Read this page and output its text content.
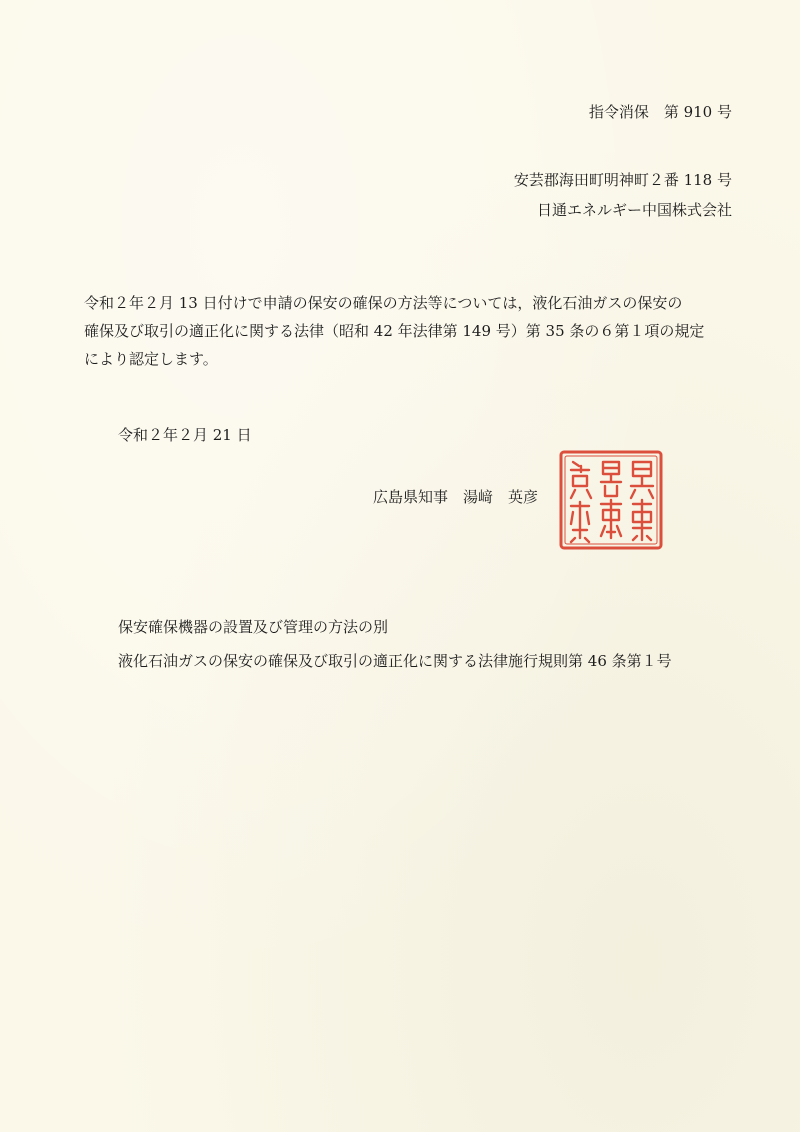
指令消保　第 910 号
安芸郡海田町明神町２番 118 号
日通エネルギー中国株式会社
令和２年２月 13 日付けで申請の保安の確保の方法等については，液化石油ガスの保安の
確保及び取引の適正化に関する法律（昭和 42 年法律第 149 号）第 35 条の６第１項の規定
により認定します。
令和２年２月 21 日
広島県知事　湯﨑　英彦
保安確保機器の設置及び管理の方法の別
液化石油ガスの保安の確保及び取引の適正化に関する法律施行規則第 46 条第１号
